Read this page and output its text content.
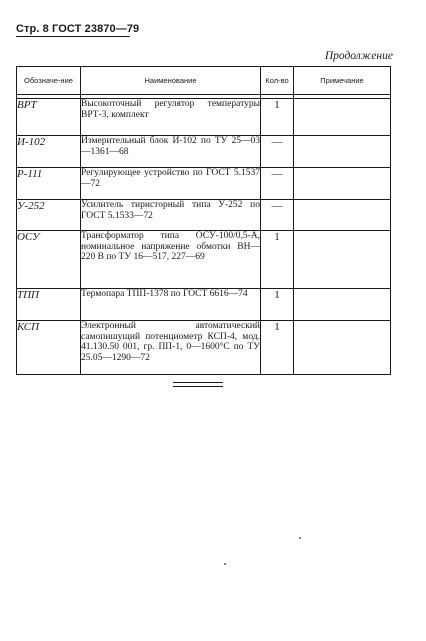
Стр. 8 ГОСТ 23870—79
Продолжение
Обозначе-ние	Наименование	Кол-во	Примечание

ВРТ	Высокоточный регулятор температуры ВРТ-3, комплект	1	
И-102	Измерительный блок И-102 по ТУ 25—03—1361—68	—	
Р-111	Регулирующее устройство по ГОСТ 5.1537—72	—	
У-252	Усилитель тиристорный типа У-252 по ГОСТ 5.1533—72	—	
ОСУ	Трансформатор типа ОСУ-100/0,5-А, номинальное напряжение обмотки ВН—220 В по ТУ 16—517, 227—69	1	
ТПП	Термопара ТПП-1378 по ГОСТ 6616—74	1	
КСП	Электронный автоматический самопишущий потенциометр КСП-4, мод. 41.130.50 001, гр. ПП-1, 0—1600°С по ТУ 25.05—1290—72	1	
